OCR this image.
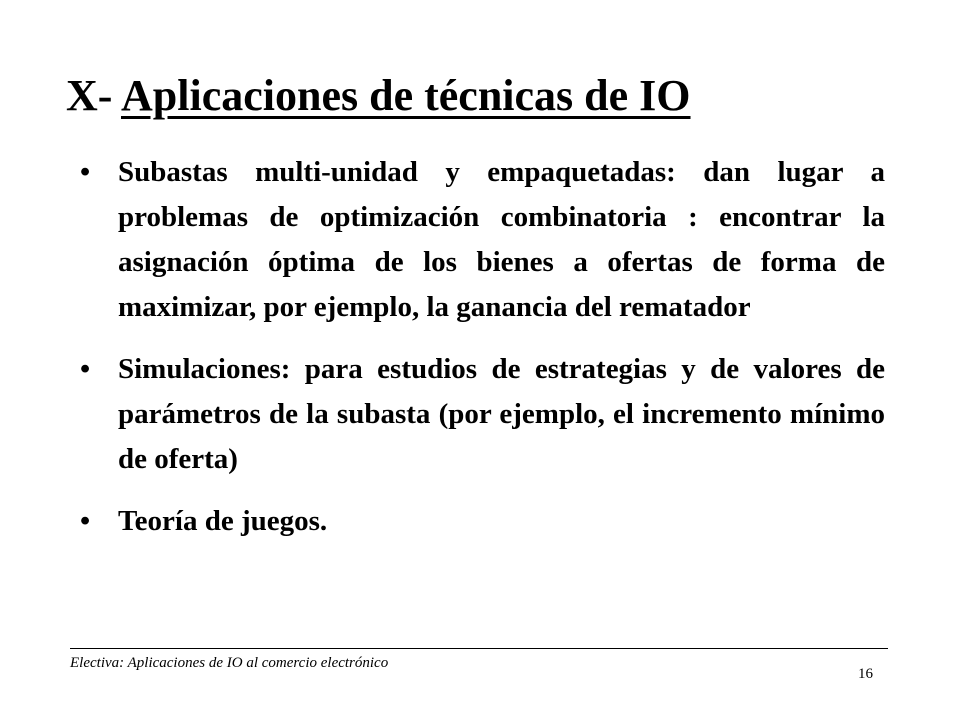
X- Aplicaciones de técnicas de IO
• Subastas multi-unidad y empaquetadas: dan lugar a problemas de optimización combinatoria : encontrar la asignación óptima de los bienes a ofertas de forma de maximizar, por ejemplo, la ganancia del rematador
• Simulaciones: para estudios de estrategias y de valores de parámetros de la subasta (por ejemplo, el incremento mínimo de oferta)
• Teoría de juegos.
Electiva: Aplicaciones de IO al comercio electrónico
16
